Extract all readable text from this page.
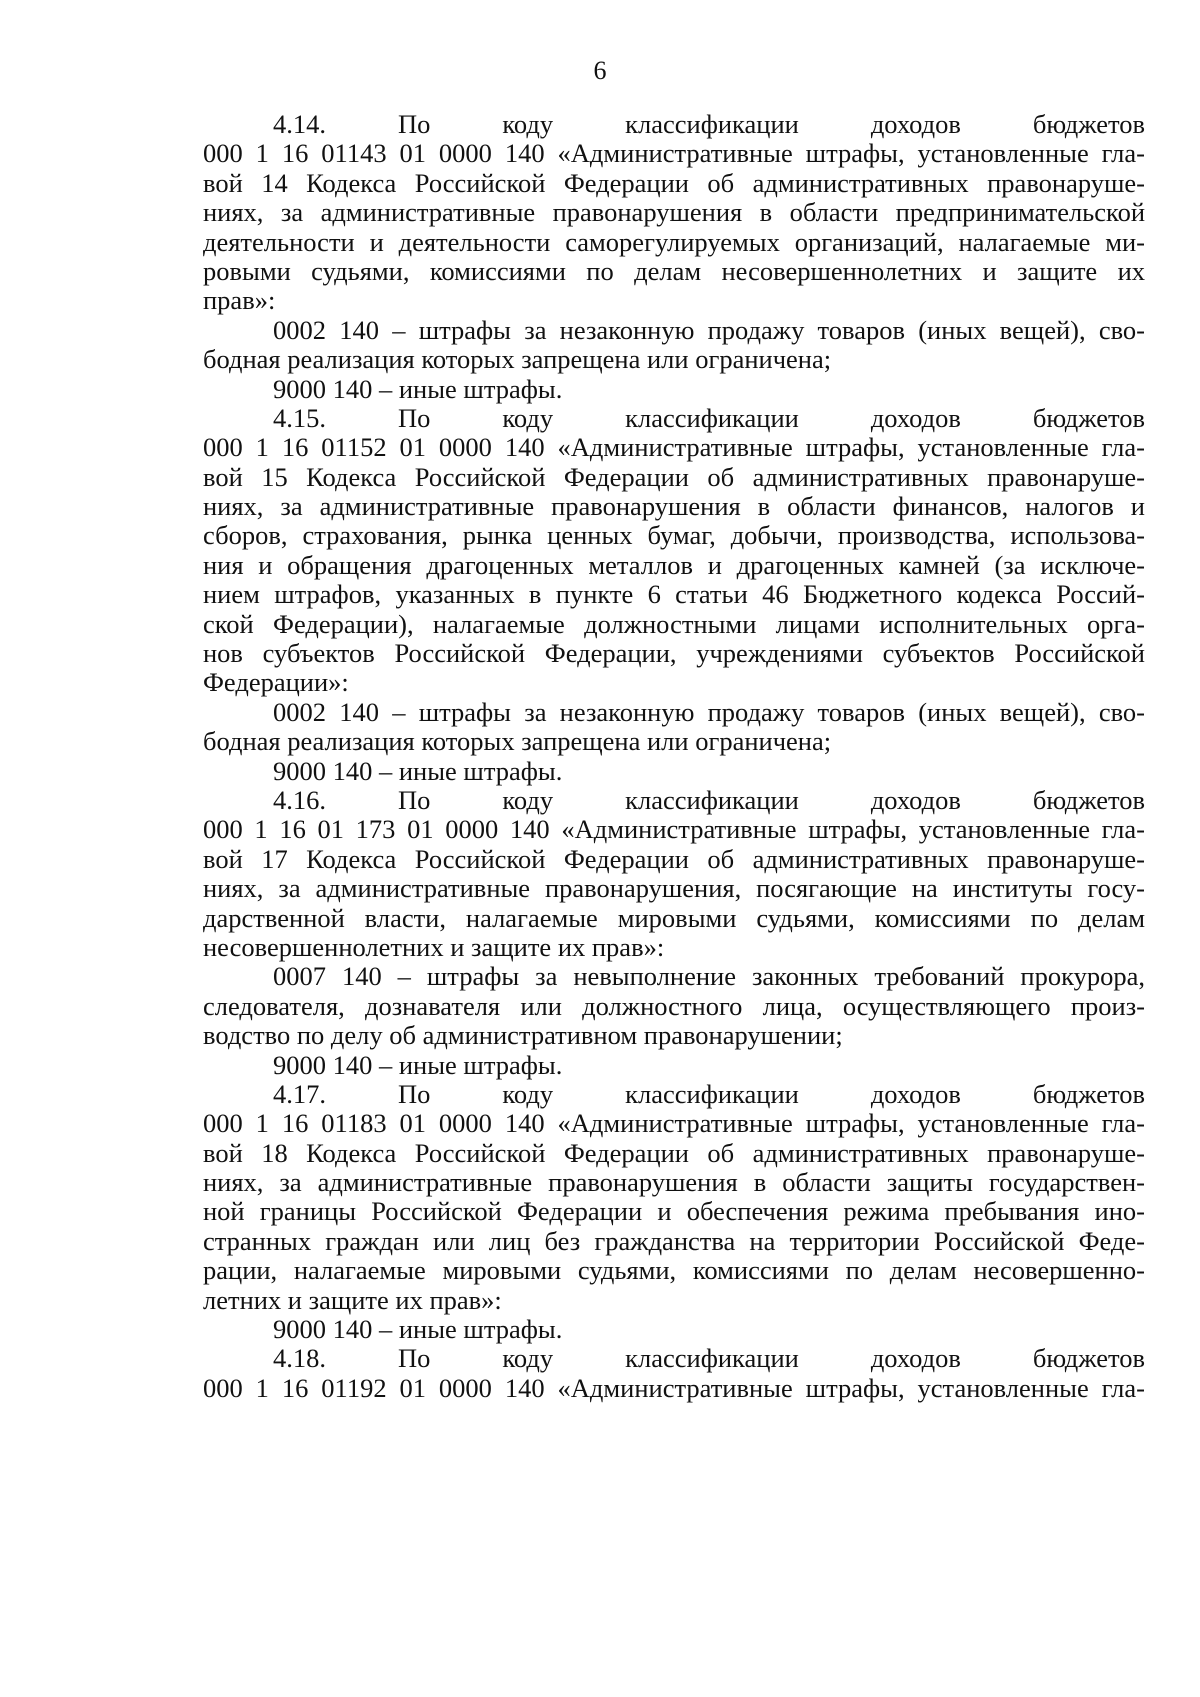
6
4.14. По кодy классификации доходов бюджетов
000 1 16 01143 01 0000 140 «Административные штрафы, установленные гла-
вой 14 Кодекса Российской Федерации об административных правонаруше-
ниях, за административные правонарушения в области предпринимательской
деятельности и деятельности саморегулируемых организаций, налагаемые ми-
ровыми судьями, комиссиями по делам несовершеннолетних и защите их
прав»:
0002 140 – штрафы за незаконную продажу товаров (иных вещей), сво-
бодная реализация которых запрещена или ограничена;
9000 140 – иные штрафы.
4.15. По кодy классификации доходов бюджетов
000 1 16 01152 01 0000 140 «Административные штрафы, установленные гла-
вой 15 Кодекса Российской Федерации об административных правонаруше-
ниях, за административные правонарушения в области финансов, налогов и
сборов, страхования, рынка ценных бумаг, добычи, производства, использова-
ния и обращения драгоценных металлов и драгоценных камней (за исключе-
нием штрафов, указанных в пункте 6 статьи 46 Бюджетного кодекса Россий-
ской Федерации), налагаемые должностными лицами исполнительных орга-
нов субъектов Российской Федерации, учреждениями субъектов Российской
Федерации»:
0002 140 – штрафы за незаконную продажу товаров (иных вещей), сво-
бодная реализация которых запрещена или ограничена;
9000 140 – иные штрафы.
4.16. По кодy классификации доходов бюджетов
000 1 16 01 173 01 0000 140 «Административные штрафы, установленные гла-
вой 17 Кодекса Российской Федерации об административных правонаруше-
ниях, за административные правонарушения, посягающие на институты госу-
дарственной власти, налагаемые мировыми судьями, комиссиями по делам
несовершеннолетних и защите их прав»:
0007 140 – штрафы за невыполнение законных требований прокурора,
следователя, дознавателя или должностного лица, осуществляющего произ-
водство по делу об административном правонарушении;
9000 140 – иные штрафы.
4.17. По кодy классификации доходов бюджетов
000 1 16 01183 01 0000 140 «Административные штрафы, установленные гла-
вой 18 Кодекса Российской Федерации об административных правонаруше-
ниях, за административные правонарушения в области защиты государствен-
ной границы Российской Федерации и обеспечения режима пребывания ино-
странных граждан или лиц без гражданства на территории Российской Феде-
рации, налагаемые мировыми судьями, комиссиями по делам несовершенно-
летних и защите их прав»:
9000 140 – иные штрафы.
4.18. По кодy классификации доходов бюджетов
000 1 16 01192 01 0000 140 «Административные штрафы, установленные гла-
